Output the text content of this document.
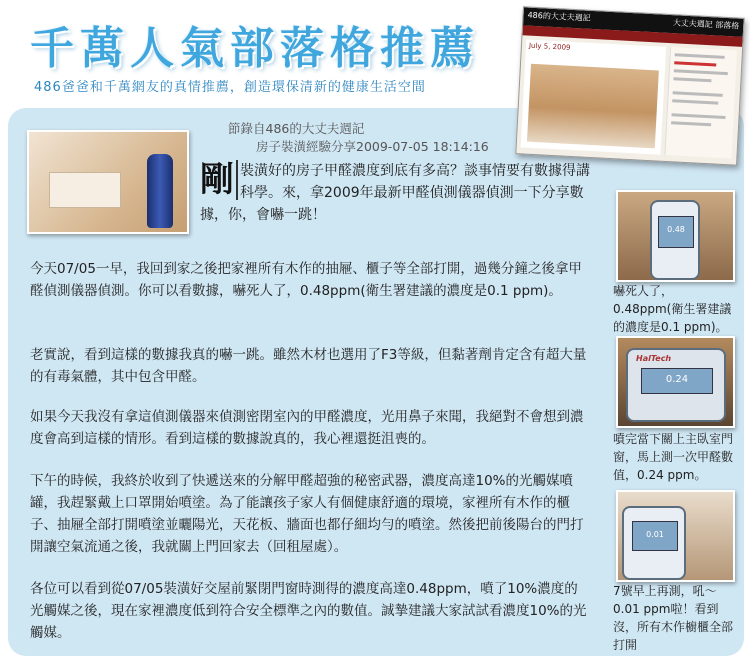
千萬人氣部落格推薦
486爸爸和千萬網友的真情推薦，創造環保清新的健康生活空間
486的大丈夫週記
大丈夫週記 部落格
July 5, 2009
節錄自486的大丈夫週記
房子裝潢經驗分享2009-07-05 18:14:16
剛 裝潢好的房子甲醛濃度到底有多高？談事情要有數據得講科學。來，拿2009年最新甲醛偵測儀器偵測一下分享數據，你，會嚇一跳！
今天07/05一早，我回到家之後把家裡所有木作的抽屜、櫃子等全部打開，過幾分鐘之後拿甲醛偵測儀器偵測。你可以看數據，嚇死人了，0.48ppm(衛生署建議的濃度是0.1 ppm)。
老實說，看到這樣的數據我真的嚇一跳。雖然木材也選用了F3等級，但黏著劑肯定含有超大量的有毒氣體，其中包含甲醛。
如果今天我沒有拿這偵測儀器來偵測密閉室內的甲醛濃度，光用鼻子來聞，我絕對不會想到濃度會高到這樣的情形。看到這樣的數據說真的，我心裡還挺沮喪的。
下午的時候，我終於收到了快遞送來的分解甲醛超強的秘密武器，濃度高達10%的光觸媒噴罐，我趕緊戴上口罩開始噴塗。為了能讓孩子家人有個健康舒適的環境，家裡所有木作的櫃子、抽屜全部打開噴塗並曬陽光，天花板、牆面也都仔細均勻的噴塗。然後把前後陽台的門打開讓空氣流通之後，我就關上門回家去（回租屋處）。
各位可以看到從07/05裝潢好交屋前緊閉門窗時測得的濃度高達0.48ppm，噴了10%濃度的光觸媒之後，現在家裡濃度低到符合安全標準之內的數值。誠摯建議大家試試看濃度10%的光觸媒。
0.48
嚇死人了，0.48ppm(衛生署建議的濃度是0.1 ppm)。
HalTech
0.24
噴完當下關上主臥室門窗，馬上測一次甲醛數值，0.24 ppm。
0.01
7號早上再測，吼～0.01 ppm啦！看到沒，所有木作櫥櫃全部打開
